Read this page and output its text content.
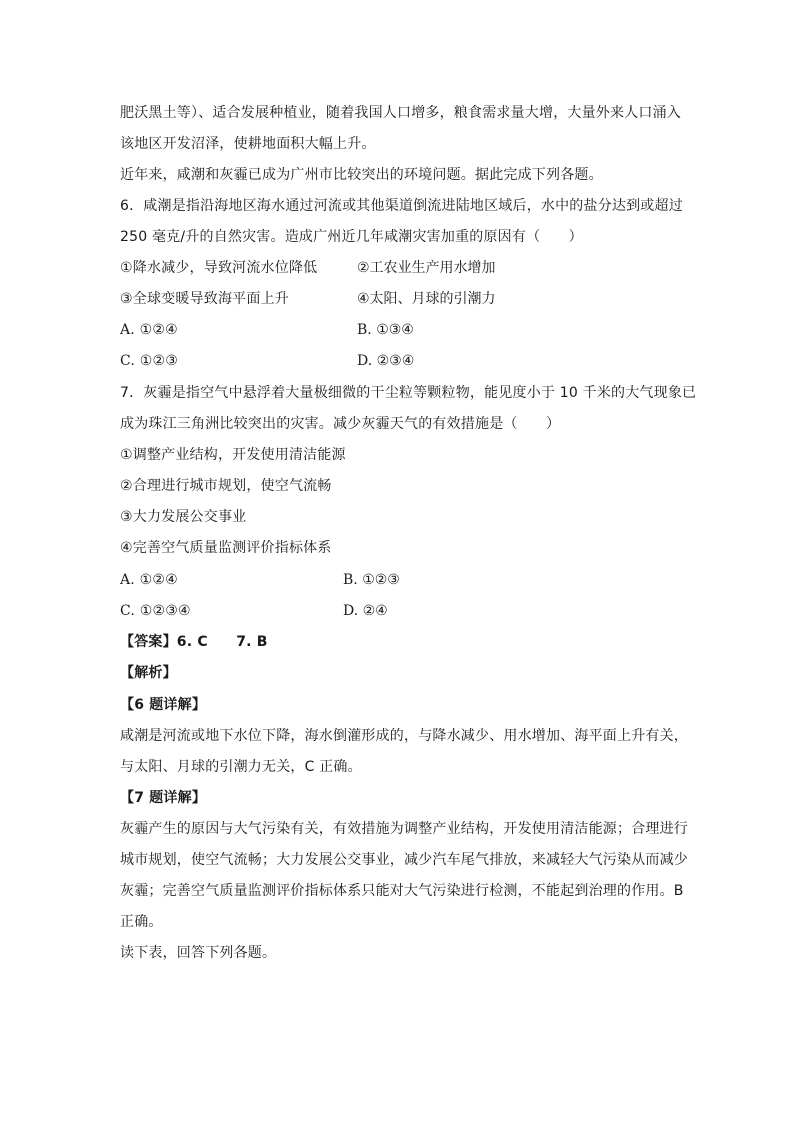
肥沃黑土等）、适合发展种植业，随着我国人口增多，粮食需求量大增，大量外来人口涌入
该地区开发沼泽，使耕地面积大幅上升。
近年来，咸潮和灰霾已成为广州市比较突出的环境问题。据此完成下列各题。
6．咸潮是指沿海地区海水通过河流或其他渠道倒流进陆地区域后，水中的盐分达到或超过
250 毫克/升的自然灾害。造成广州近几年咸潮灾害加重的原因有（　　）
①降水减少，导致河流水位降低	②工农业生产用水增加
③全球变暖导致海平面上升	④太阳、月球的引潮力
A. ①②④	B. ①③④
C. ①②③	D. ②③④
7．灰霾是指空气中悬浮着大量极细微的干尘粒等颗粒物，能见度小于 10 千米的大气现象已
成为珠江三角洲比较突出的灾害。减少灰霾天气的有效措施是（　　）
①调整产业结构，开发使用清洁能源
②合理进行城市规划，使空气流畅
③大力发展公交事业
④完善空气质量监测评价指标体系
A. ①②④	B. ①②③
C. ①②③④	D. ②④
【答案】6. C　　7. B
【解析】
【6 题详解】
咸潮是河流或地下水位下降，海水倒灌形成的，与降水减少、用水增加、海平面上升有关，
与太阳、月球的引潮力无关，C 正确。
【7 题详解】
灰霾产生的原因与大气污染有关，有效措施为调整产业结构，开发使用清洁能源；合理进行
城市规划，使空气流畅；大力发展公交事业，减少汽车尾气排放，来减轻大气污染从而减少
灰霾；完善空气质量监测评价指标体系只能对大气污染进行检测，不能起到治理的作用。B
正确。
读下表，回答下列各题。
